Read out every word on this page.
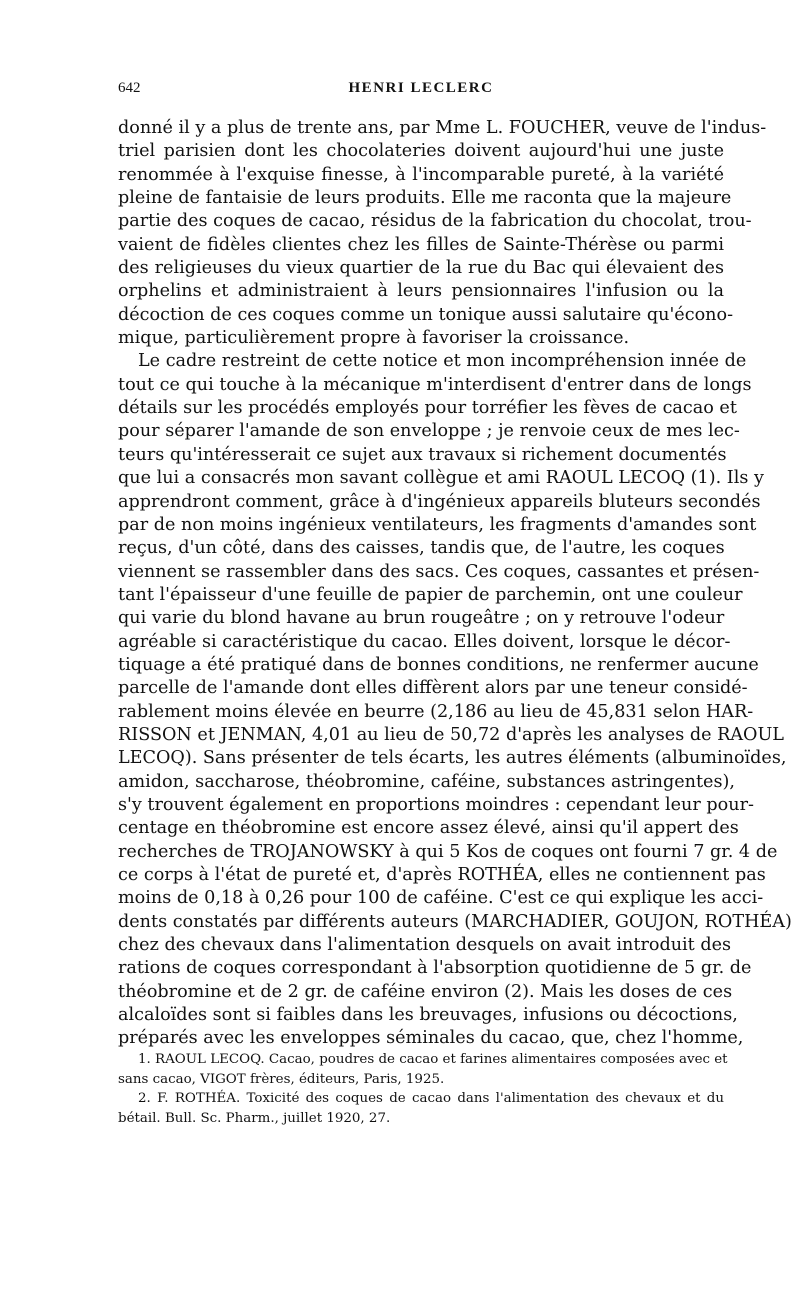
642	HENRI LECLERC
donné il y a plus de trente ans, par Mme L. FOUCHER, veuve de l'indus-
triel parisien dont les chocolateries doivent aujourd'hui une juste
renommée à l'exquise finesse, à l'incomparable pureté, à la variété
pleine de fantaisie de leurs produits. Elle me raconta que la majeure
partie des coques de cacao, résidus de la fabrication du chocolat, trou-
vaient de fidèles clientes chez les filles de Sainte-Thérèse ou parmi
des religieuses du vieux quartier de la rue du Bac qui élevaient des
orphelins et administraient à leurs pensionnaires l'infusion ou la
décoction de ces coques comme un tonique aussi salutaire qu'écono-
mique, particulièrement propre à favoriser la croissance.
Le cadre restreint de cette notice et mon incompréhension innée de
tout ce qui touche à la mécanique m'interdisent d'entrer dans de longs
détails sur les procédés employés pour torréfier les fèves de cacao et
pour séparer l'amande de son enveloppe ; je renvoie ceux de mes lec-
teurs qu'intéresserait ce sujet aux travaux si richement documentés
que lui a consacrés mon savant collègue et ami RAOUL LECOQ (1). Ils y
apprendront comment, grâce à d'ingénieux appareils bluteurs secondés
par de non moins ingénieux ventilateurs, les fragments d'amandes sont
reçus, d'un côté, dans des caisses, tandis que, de l'autre, les coques
viennent se rassembler dans des sacs. Ces coques, cassantes et présen-
tant l'épaisseur d'une feuille de papier de parchemin, ont une couleur
qui varie du blond havane au brun rougeâtre ; on y retrouve l'odeur
agréable si caractéristique du cacao. Elles doivent, lorsque le décor-
tiquage a été pratiqué dans de bonnes conditions, ne renfermer aucune
parcelle de l'amande dont elles diffèrent alors par une teneur considé-
rablement moins élevée en beurre (2,186 au lieu de 45,831 selon HAR-
RISSON et JENMAN, 4,01 au lieu de 50,72 d'après les analyses de RAOUL
LECOQ). Sans présenter de tels écarts, les autres éléments (albuminoïdes,
amidon, saccharose, théobromine, caféine, substances astringentes),
s'y trouvent également en proportions moindres : cependant leur pour-
centage en théobromine est encore assez élevé, ainsi qu'il appert des
recherches de TROJANOWSKY à qui 5 Kos de coques ont fourni 7 gr. 4 de
ce corps à l'état de pureté et, d'après ROTHÉA, elles ne contiennent pas
moins de 0,18 à 0,26 pour 100 de caféine. C'est ce qui explique les acci-
dents constatés par différents auteurs (MARCHADIER, GOUJON, ROTHÉA)
chez des chevaux dans l'alimentation desquels on avait introduit des
rations de coques correspondant à l'absorption quotidienne de 5 gr. de
théobromine et de 2 gr. de caféine environ (2). Mais les doses de ces
alcaloïdes sont si faibles dans les breuvages, infusions ou décoctions,
préparés avec les enveloppes séminales du cacao, que, chez l'homme,
1. RAOUL LECOQ. Cacao, poudres de cacao et farines alimentaires composées avec et
sans cacao, VIGOT frères, éditeurs, Paris, 1925.
2. F. ROTHÉA. Toxicité des coques de cacao dans l'alimentation des chevaux et du
bétail. Bull. Sc. Pharm., juillet 1920, 27.
